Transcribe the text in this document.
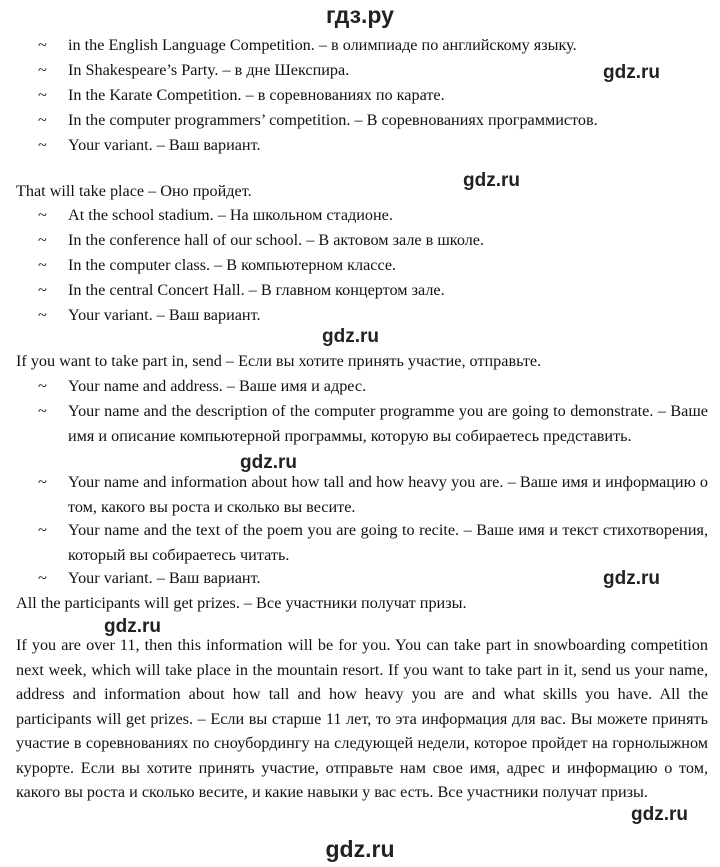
гдз.ру
~ in the English Language Competition. – в олимпиаде по английскому языку.
~ In Shakespeare’s Party. – в дне Шекспира.
~ In the Karate Competition. – в соревнованиях по карате.
~ In the computer programmers’ competition. – В соревнованиях программистов.
~ Your variant. – Ваш вариант.
That will take place – Оно пройдет.
~ At the school stadium. – На школьном стадионе.
~ In the conference hall of our school. – В актовом зале в школе.
~ In the computer class. – В компьютерном классе.
~ In the central Concert Hall. – В главном концертом зале.
~ Your variant. – Ваш вариант.
If you want to take part in, send – Если вы хотите принять участие, отправьте.
~ Your name and address. – Ваше имя и адрес.
~ Your name and the description of the computer programme you are going to demonstrate. – Ваше имя и описание компьютерной программы, которую вы собираетесь представить.
~ Your name and information about how tall and how heavy you are. – Ваше имя и информацию о том, какого вы роста и сколько вы весите.
~ Your name and the text of the poem you are going to recite. – Ваше имя и текст стихотворения, который вы собираетесь читать.
~ Your variant. – Ваш вариант.
All the participants will get prizes. – Все участники получат призы.
If you are over 11, then this information will be for you. You can take part in snowboarding competition next week, which will take place in the mountain resort. If you want to take part in it, send us your name, address and information about how tall and how heavy you are and what skills you have. All the participants will get prizes. – Если вы старше 11 лет, то эта информация для вас. Вы можете принять участие в соревнованиях по сноубордингу на следующей недели, которое пройдет на горнолыжном курорте. Если вы хотите принять участие, отправьте нам свое имя, адрес и информацию о том, какого вы роста и сколько весите, и какие навыки у вас есть. Все участники получат призы.
gdz.ru
gdz.ru
gdz.ru
gdz.ru
gdz.ru
gdz.ru
gdz.ru
gdz.ru
